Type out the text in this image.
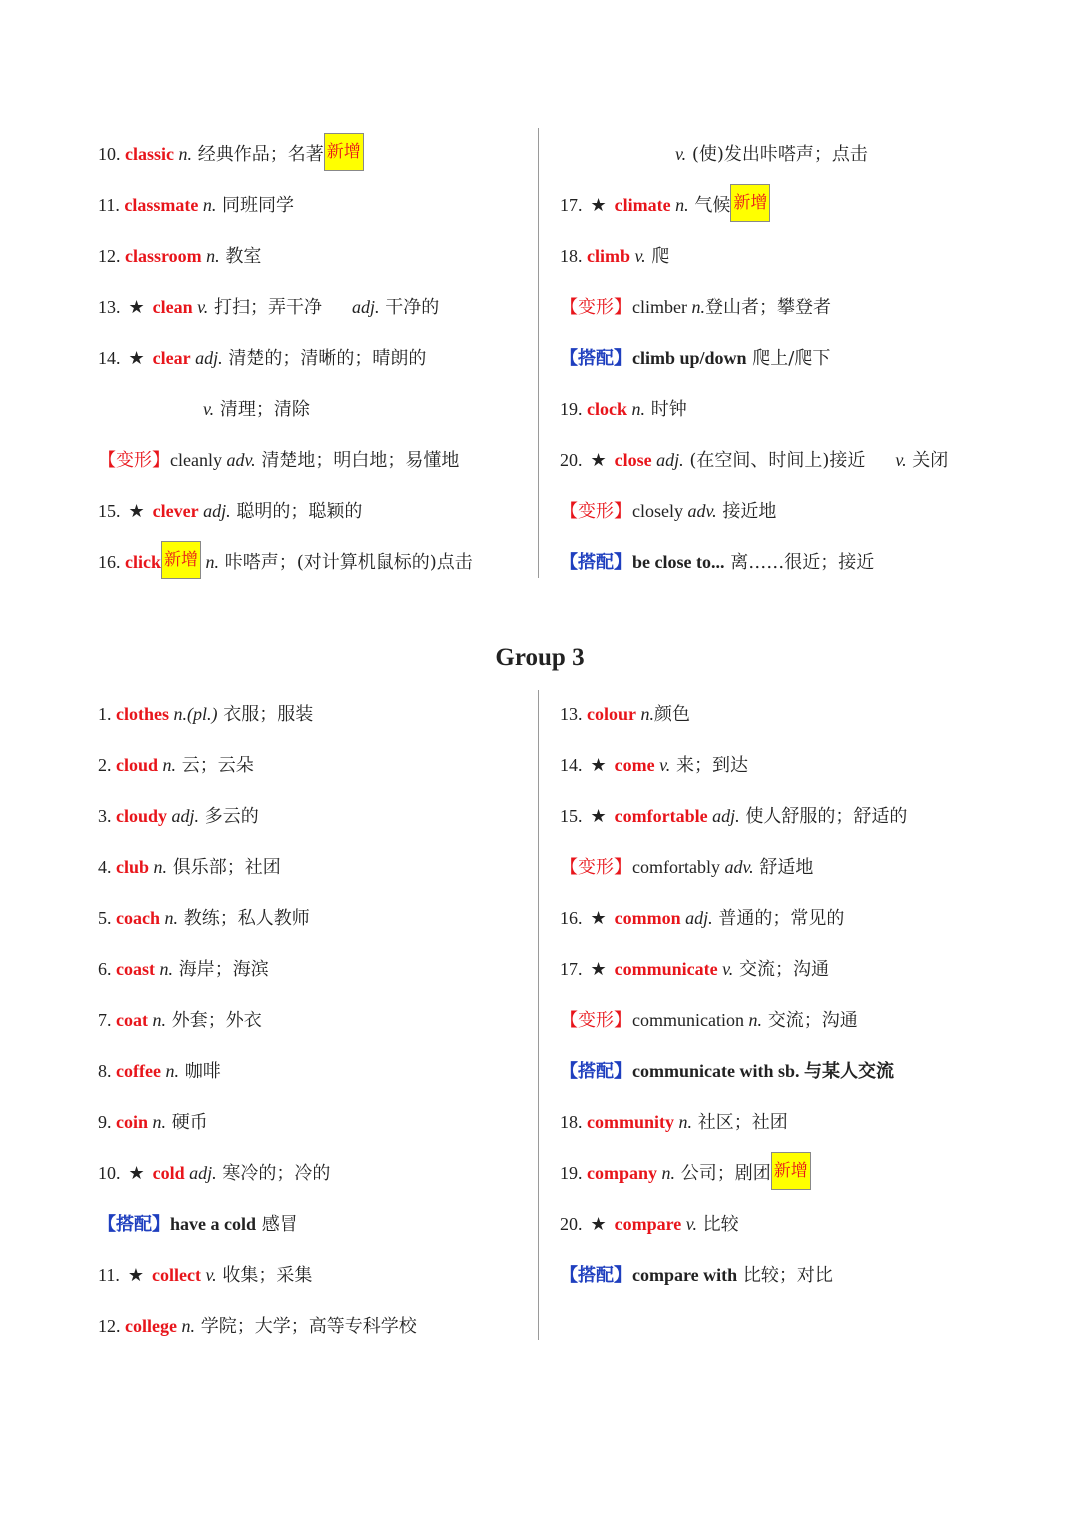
10. classic n. 经典作品；名著 新增
11. classmate n. 同班同学
12. classroom n. 教室
13. ★ clean v. 打扫；弄干净 adj. 干净的
14. ★ clear adj. 清楚的；清晰的；晴朗的
v. 清理；清除
【变形】cleanly adv. 清楚地；明白地；易懂地
15. ★ clever adj. 聪明的；聪颖的
16. click 新增 n. 咔嗒声；(对计算机鼠标的)点击
v. (使)发出咔嗒声；点击
17. ★ climate n. 气候 新增
18. climb v. 爬
【变形】climber n.登山者；攀登者
【搭配】climb up/down 爬上/爬下
19. clock n. 时钟
20. ★ close adj. (在空间、时间上)接近 v. 关闭
【变形】closely adv. 接近地
【搭配】be close to... 离……很近；接近
Group 3
1. clothes n.(pl.) 衣服；服装
2. cloud n. 云；云朵
3. cloudy adj. 多云的
4. club n. 俱乐部；社团
5. coach n. 教练；私人教师
6. coast n. 海岸；海滨
7. coat n. 外套；外衣
8. coffee n. 咖啡
9. coin n. 硬币
10. ★ cold adj. 寒冷的；冷的
【搭配】have a cold 感冒
11. ★ collect v. 收集；采集
12. college n. 学院；大学；高等专科学校
13. colour n.颜色
14. ★ come v. 来；到达
15. ★ comfortable adj. 使人舒服的；舒适的
【变形】comfortably adv. 舒适地
16. ★ common adj. 普通的；常见的
17. ★ communicate v. 交流；沟通
【变形】communication n. 交流；沟通
【搭配】communicate with sb. 与某人交流
18. community n. 社区；社团
19. company n. 公司；剧团 新增
20. ★ compare v. 比较
【搭配】compare with 比较；对比
